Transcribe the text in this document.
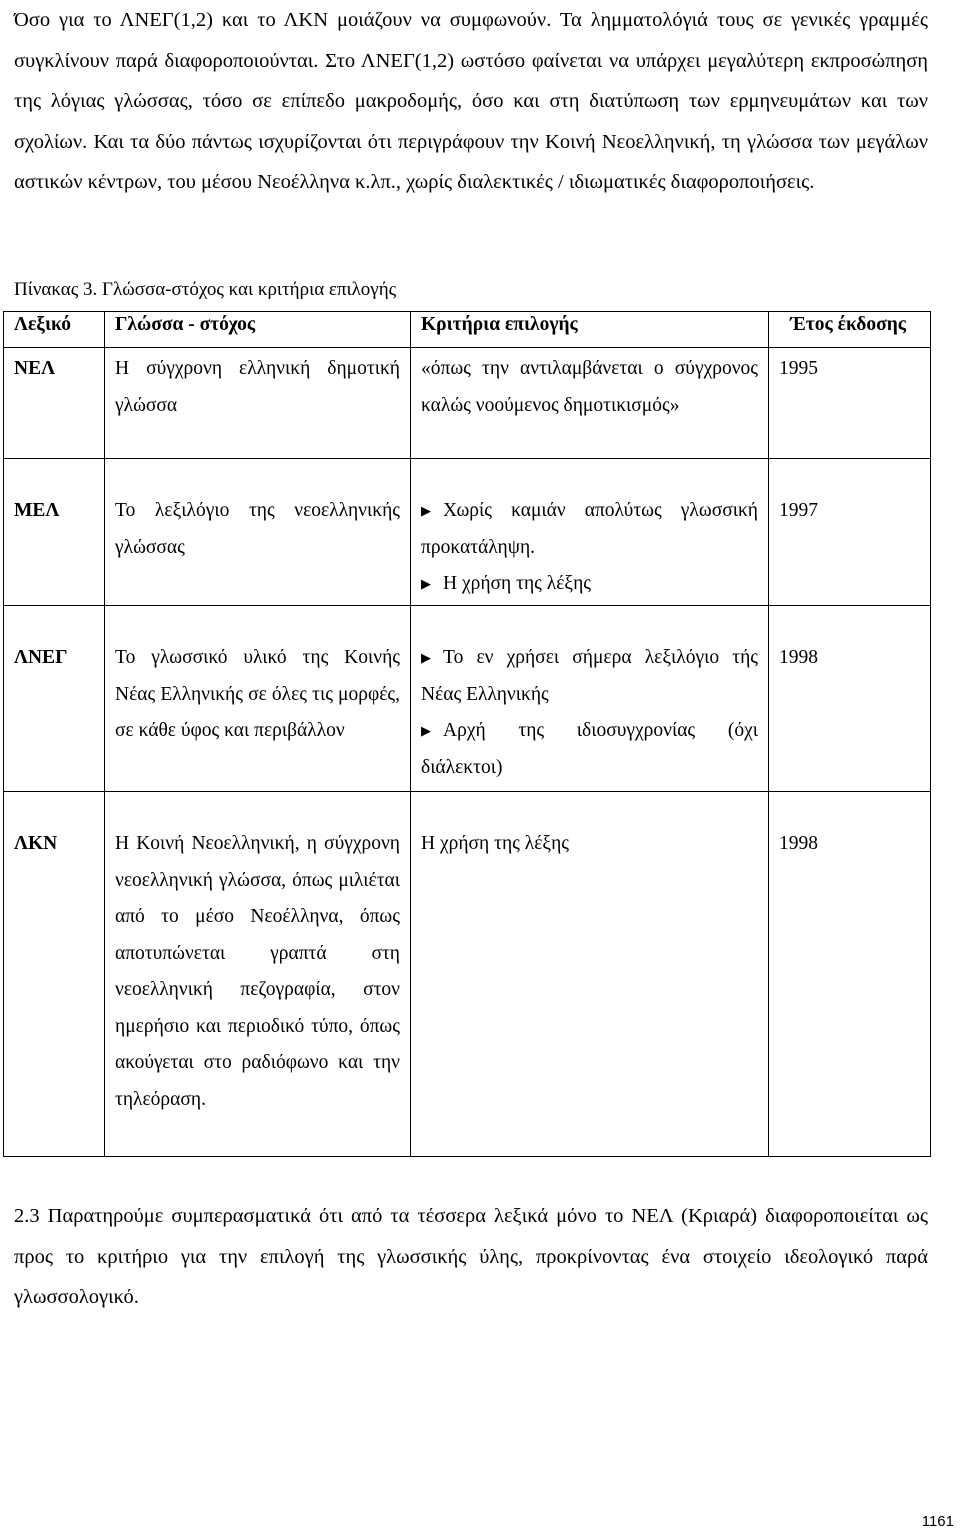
Όσο για το ΛΝΕΓ(1,2) και το ΛΚΝ μοιάζουν να συμφωνούν. Τα λημματολόγιά τους σε γενικές γραμμές συγκλίνουν παρά διαφοροποιούνται. Στο ΛΝΕΓ(1,2) ωστόσο φαίνεται να υπάρχει μεγαλύτερη εκπροσώπηση της λόγιας γλώσσας, τόσο σε επίπεδο μακροδομής, όσο και στη διατύπωση των ερμηνευμάτων και των σχολίων. Και τα δύο πάντως ισχυρίζονται ότι περιγράφουν την Κοινή Νεοελληνική, τη γλώσσα των μεγάλων αστικών κέντρων, του μέσου Νεοέλληνα κ.λπ., χωρίς διαλεκτικές / ιδιωματικές διαφοροποιήσεις.

Πίνακας 3. Γλώσσα-στόχος και κριτήρια επιλογής

Λεξικό	Γλώσσα - στόχος	Κριτήρια επιλογής	Έτος έκδοσης

ΝΕΛ	Η σύγχρονη ελληνική δημοτική γλώσσα	«όπως την αντιλαμβάνεται ο σύγχρονος καλώς νοούμενος δημοτικισμός»	1995

ΜΕΛ	Το λεξιλόγιο της νεοελληνικής γλώσσας	▶ Χωρίς καμιάν απολύτως γλωσσική προκατάληψη.
▶ Η χρήση της λέξης	1997

ΛΝΕΓ	Το γλωσσικό υλικό της Κοινής Νέας Ελληνικής σε όλες τις μορφές, σε κάθε ύφος και περιβάλλον	▶ Το εν χρήσει σήμερα λεξιλόγιο τής Νέας Ελληνικής
▶ Αρχή της ιδιοσυγχρονίας (όχι διάλεκτοι)	1998

ΛΚΝ	Η Κοινή Νεοελληνική, η σύγχρονη νεοελληνική γλώσσα, όπως μιλιέται από το μέσο Νεοέλληνα, όπως αποτυπώνεται γραπτά στη νεοελληνική πεζογραφία, στον ημερήσιο και περιοδικό τύπο, όπως ακούγεται στο ραδιόφωνο και την τηλεόραση.	Η χρήση της λέξης	1998

2.3 Παρατηρούμε συμπερασματικά ότι από τα τέσσερα λεξικά μόνο το ΝΕΛ (Κριαρά) διαφοροποιείται ως προς το κριτήριο για την επιλογή της γλωσσικής ύλης, προκρίνοντας ένα στοιχείο ιδεολογικό παρά γλωσσολογικό.

1161
